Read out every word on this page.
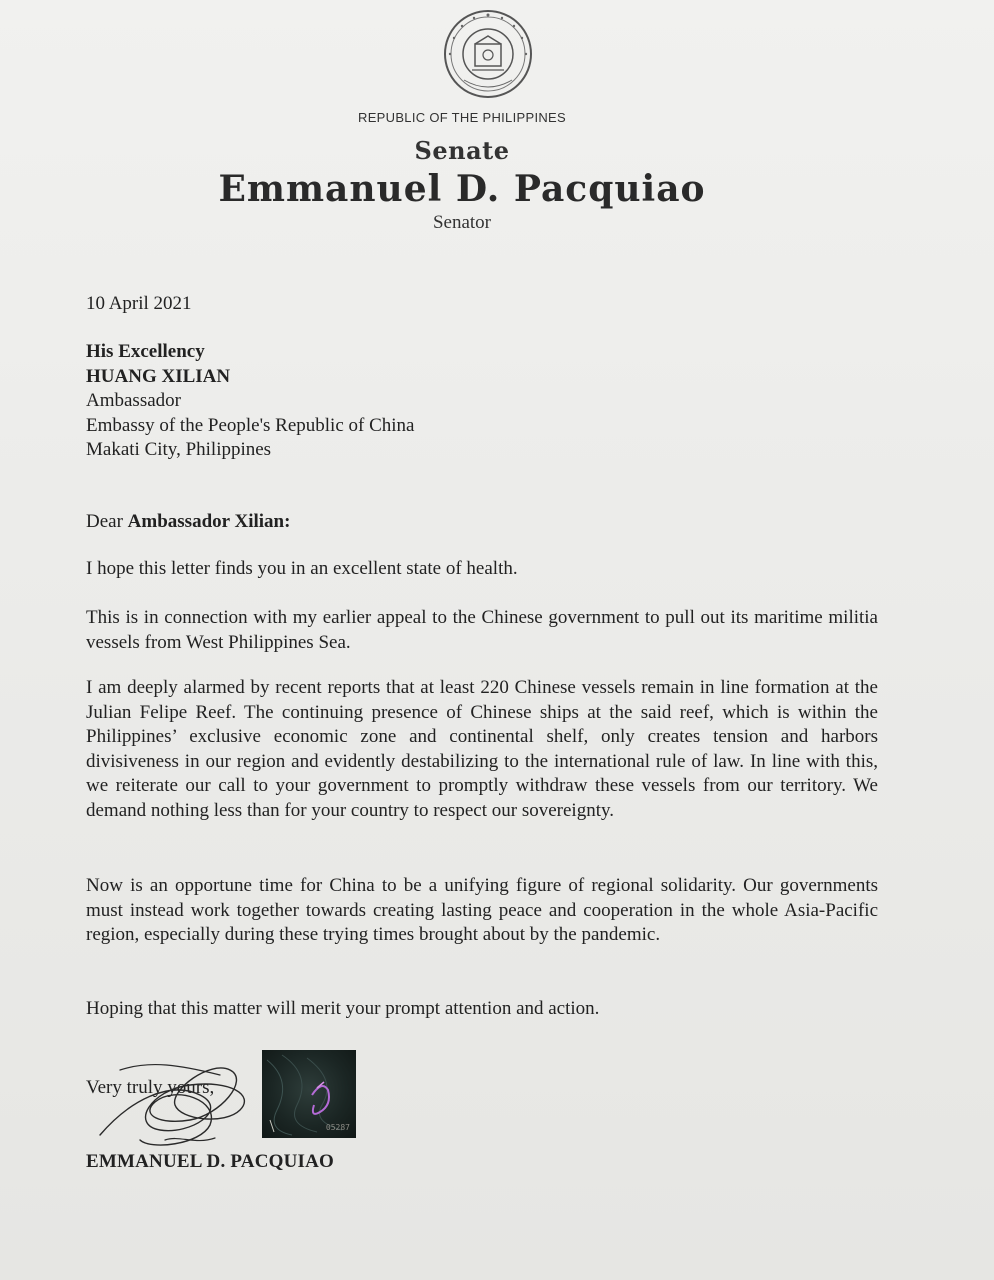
REPUBLIC OF THE PHILIPPINES
Senate
Emmanuel D. Pacquiao
Senator
10 April 2021
His Excellency
HUANG XILIAN
Ambassador
Embassy of the People's Republic of China
Makati City, Philippines
Dear Ambassador Xilian:
I hope this letter finds you in an excellent state of health.
This is in connection with my earlier appeal to the Chinese government to pull out its maritime militia vessels from West Philippines Sea.
I am deeply alarmed by recent reports that at least 220 Chinese vessels remain in line formation at the Julian Felipe Reef. The continuing presence of Chinese ships at the said reef, which is within the Philippines’ exclusive economic zone and continental shelf, only creates tension and harbors divisiveness in our region and evidently destabilizing to the international rule of law. In line with this, we reiterate our call to your government to promptly withdraw these vessels from our territory. We demand nothing less than for your country to respect our sovereignty.
Now is an opportune time for China to be a unifying figure of regional solidarity. Our governments must instead work together towards creating lasting peace and cooperation in the whole Asia-Pacific region, especially during these trying times brought about by the pandemic.
Hoping that this matter will merit your prompt attention and action.
Very truly yours,
05287
EMMANUEL D. PACQUIAO
